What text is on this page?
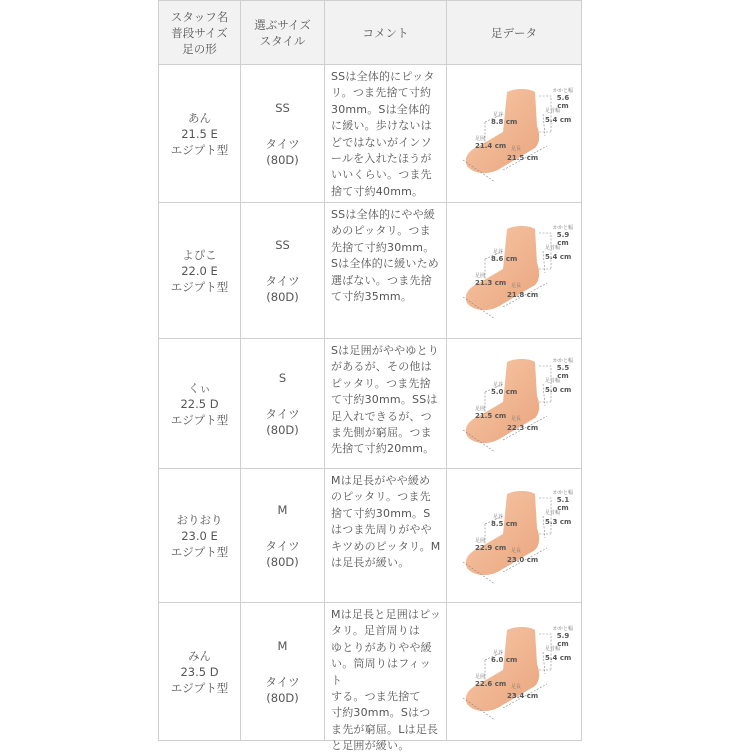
スタッフ名
普段サイズ
足の形
選ぶサイズ
スタイル
コメント	足データ
あん
21.5 E
エジプト型
SS
タイツ
(80D)
SSは全体的にピッタ
リ。つま先捨て寸約
30mm。Sは全体的
に緩い。歩けないは
どではないがインソ
ールを入れたほうが
いいくらい。つま先
捨て寸約40mm。
足首
8.8 cm
かかと幅
5.6 cm
足首幅
5.4 cm
足囲
21.4 cm 足長
21.5 cm
よぴこ
22.0 E
エジプト型
SS
タイツ
(80D)
SSは全体的にやや緩
めのピッタリ。つま
先捨て寸約30mm。
Sは全体的に緩いため
選ばない。つま先捨
て寸約35mm。
足首
8.6 cm
かかと幅
5.9 cm
足首幅
5.4 cm
足囲
21.3 cm 足長
21.8 cm
くぃ
22.5 D
エジプト型
S
タイツ
(80D)
Sは足囲がややゆとり
があるが、その他は
ピッタリ。つま先捨
て寸約30mm。SSは
足入れできるが、つ
ま先側が窮屈。つま
先捨て寸約20mm。
足首
5.0 cm
かかと幅
5.5 cm
足首幅
5.0 cm
足囲
21.5 cm 足長
22.3 cm
おりおり
23.0 E
エジプト型
M
タイツ
(80D)
Mは足長がやや緩め
のピッタリ。つま先
捨て寸約30mm。S
はつま先周りがやや
キツめのピッタリ。M
は足長が緩い。
足首
8.5 cm
かかと幅
5.1 cm
足首幅
5.3 cm
足囲
22.9 cm 足長
23.0 cm
みん
23.5 D
エジプト型
M
タイツ
(80D)
Mは足長と足囲はピッ
タリ。足首周りは
ゆとりがありやや緩
い。筒周りはフィット
する。つま先捨て
寸約30mm。Sはつ
ま先が窮屈。Lは足長
と足囲が緩い。
足首
6.0 cm
かかと幅
5.9 cm
足首幅
5.4 cm
足囲
22.6 cm 足長
23.4 cm
